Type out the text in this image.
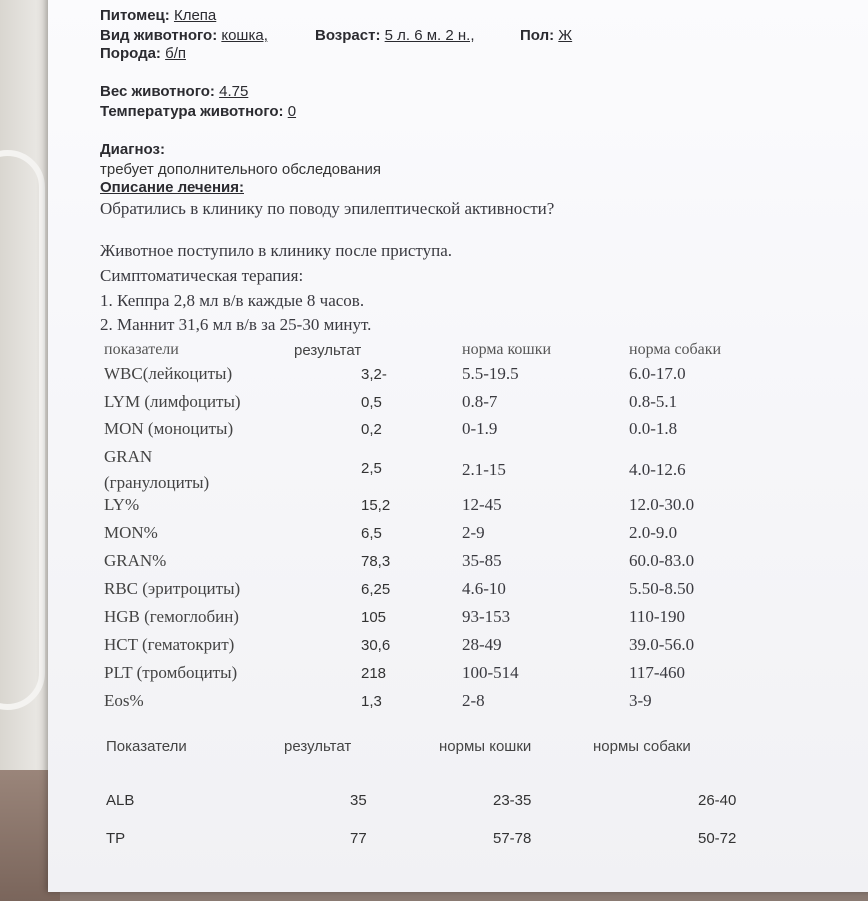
Питомец: Клепа
Вид животного: кошка,	Возраст: 5 л. 6 м. 2 н.,	Пол: Ж
Порода: б/п
Вес животного: 4.75
Температура животного: 0
Диагноз:
требует дополнительного обследования
Описание лечения:
Обратились в клинику по поводу эпилептической активности?
Животное поступило в клинику после приступа.
Симптоматическая терапия:
1. Кеппра 2,8 мл в/в каждые 8 часов.
2. Маннит 31,6 мл в/в за 25-30 минут.
показатели	результат	норма кошки	норма собаки
WBC(лейкоциты)	3,2-	5.5-19.5	6.0-17.0
LYM (лимфоциты)	0,5	0.8-7	0.8-5.1
MON (моноциты)	0,2	0-1.9	0.0-1.8
GRAN
(гранулоциты)
2,5	2.1-15	4.0-12.6
LY%	15,2	12-45	12.0-30.0
MON%	6,5	2-9	2.0-9.0
GRAN%	78,3	35-85	60.0-83.0
RBC (эритроциты)	6,25	4.6-10	5.50-8.50
HGB (гемоглобин)	105	93-153	110-190
HCT (гематокрит)	30,6	28-49	39.0-56.0
PLT (тромбоциты)	218	100-514	117-460
Eos%	1,3	2-8	3-9
Показатели	результат	нормы кошки	нормы собаки
ALB	35	23-35	26-40
TP	77	57-78	50-72
